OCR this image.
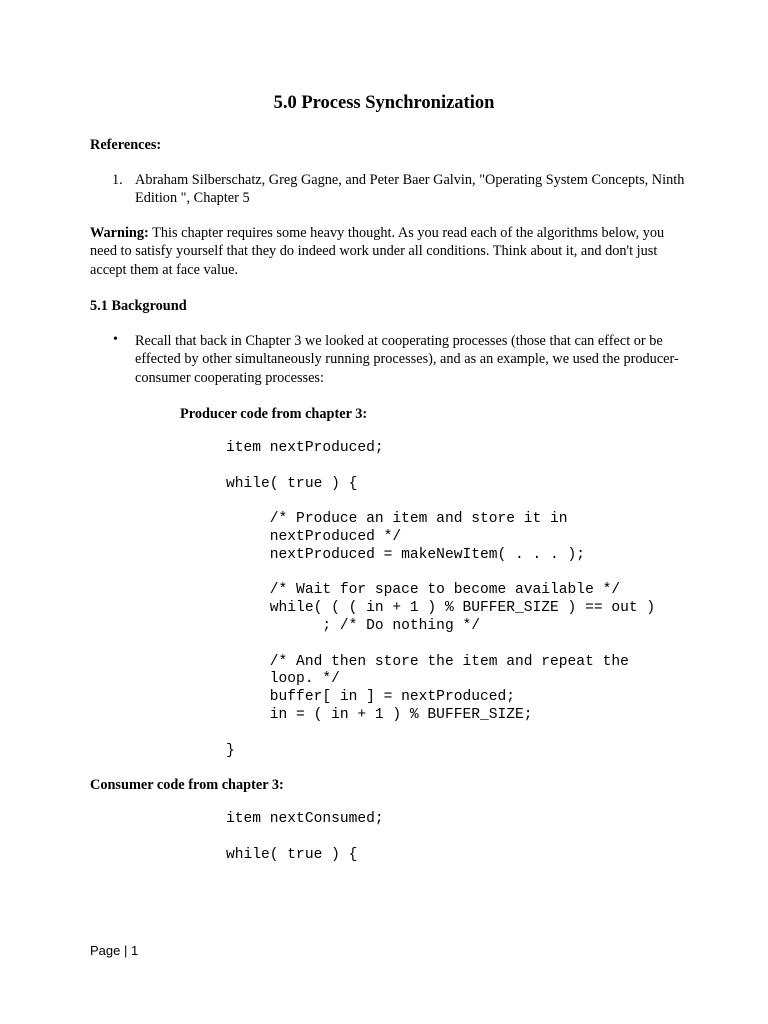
5.0 Process Synchronization

References:

1. Abraham Silberschatz, Greg Gagne, and Peter Baer Galvin, "Operating System Concepts, Ninth Edition ", Chapter 5

Warning: This chapter requires some heavy thought. As you read each of the algorithms below, you need to satisfy yourself that they do indeed work under all conditions. Think about it, and don't just accept them at face value.

5.1 Background

• Recall that back in Chapter 3 we looked at cooperating processes (those that can effect or be effected by other simultaneously running processes), and as an example, we used the producer-consumer cooperating processes:

Producer code from chapter 3:

item nextProduced;

while( true ) {

/* Produce an item and store it in
nextProduced */
nextProduced = makeNewItem( . . . );

/* Wait for space to become available */
while( ( ( in + 1 ) % BUFFER_SIZE ) == out )
; /* Do nothing */

/* And then store the item and repeat the
loop. */
buffer[ in ] = nextProduced;
in = ( in + 1 ) % BUFFER_SIZE;

}

Consumer code from chapter 3:

item nextConsumed;

while( true ) {

Page | 1
